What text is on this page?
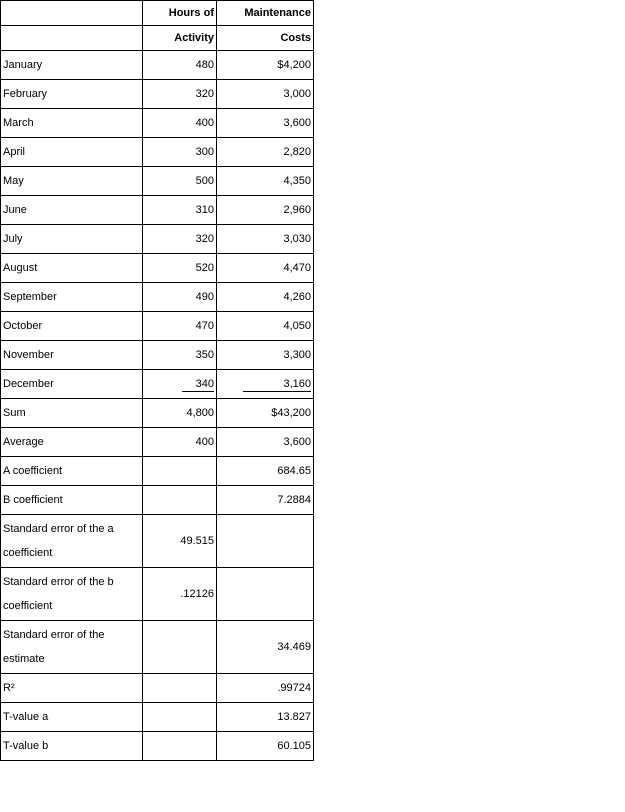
	Hours of	Maintenance
	Activity	Costs
January	480	$4,200
February	320	3,000
March	400	3,600
April	300	2,820
May	500	4,350
June	310	2,960
July	320	3,030
August	520	4,470
September	490	4,260
October	470	4,050
November	350	3,300
December	340	3,160
Sum	4,800	$43,200
Average	400	3,600
A coefficient		684.65
B coefficient		7.2884

Standard error of the a
coefficient	49.515	

Standard error of the b
coefficient	.12126	

Standard error of the
estimate		34.469
R²		.99724
T-value a		13.827
T-value b		60.105
